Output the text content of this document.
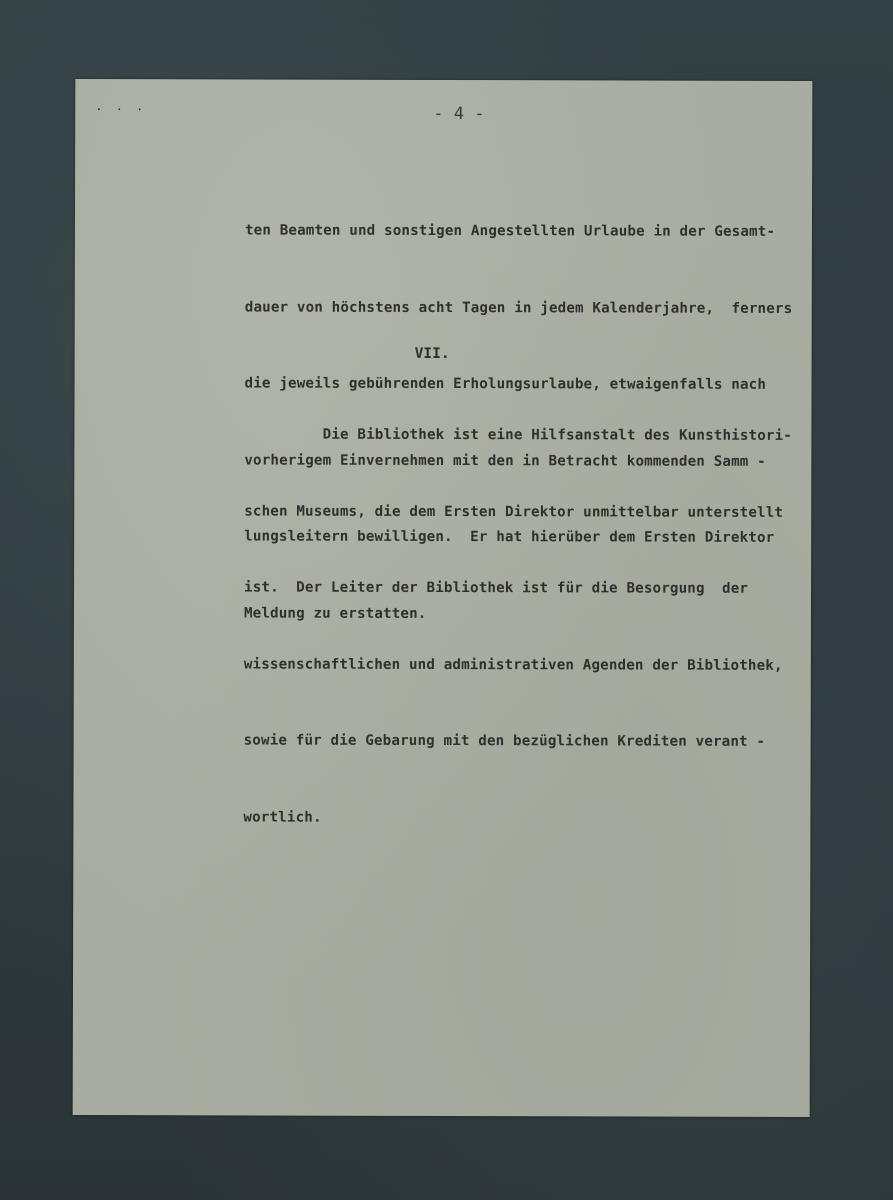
. . .	- 4 -

ten Beamten und sonstigen Angestellten Urlaube in der Gesamt-

dauer von höchstens acht Tagen in jedem Kalenderjahre,  ferners

die jeweils gebührenden Erholungsurlaube, etwaigenfalls nach

vorherigem Einvernehmen mit den in Betracht kommenden Samm -

lungsleitern bewilligen.  Er hat hierüber dem Ersten Direktor

Meldung zu erstatten.

VII.

Die Bibliothek ist eine Hilfsanstalt des Kunsthistori-

schen Museums, die dem Ersten Direktor unmittelbar unterstellt

ist.  Der Leiter der Bibliothek ist für die Besorgung  der

wissenschaftlichen und administrativen Agenden der Bibliothek,

sowie für die Gebarung mit den bezüglichen Krediten verant -

wortlich.
